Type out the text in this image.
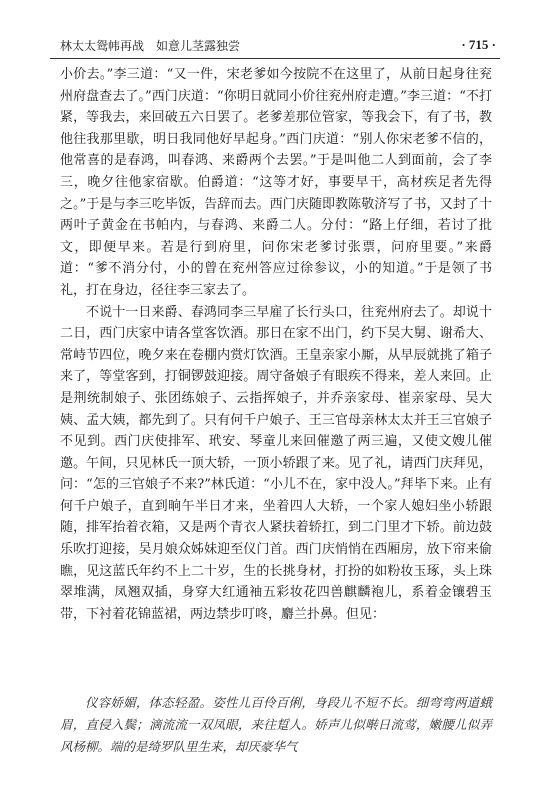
林太太鸳帏再战　如意儿茎露独尝	· 715 ·

小价去。”李三道：“又一件，宋老爹如今按院不在这里了，从前日起身往兖州府盘查去了。”西门庆道：“你明日就同小价往兖州府走遭。”李三道：“不打紧，等我去，来回破五六日罢了。老爹差那位管家，等我会下，有了书，教他往我那里歇，明日我同他好早起身。”西门庆道：“别人你宋老爹不信的，他常喜的是春鸿，叫春鸿、来爵两个去罢。”于是叫他二人到面前，会了李三，晚夕往他家宿歇。伯爵道：“这等才好，事要早干，高材疾足者先得之。”于是与李三吃毕饭，告辞而去。西门庆随即教陈敬济写了书，又封了十两叶子黄金在书帕内，与春鸿、来爵二人。分付：“路上仔细，若讨了批文，即便早来。若是行到府里，问你宋老爹讨张票，问府里要。”来爵道：“爹不消分付，小的曾在兖州答应过徐参议，小的知道。”于是领了书礼，打在身边，径往李三家去了。

不说十一日来爵、春鸿同李三早雇了长行头口，往兖州府去了。却说十二日，西门庆家中请各堂客饮酒。那日在家不出门，约下吴大舅、谢希大、常峙节四位，晚夕来在卷棚内赏灯饮酒。王皇亲家小厮，从早辰就挑了箱子来了，等堂客到，打铜锣鼓迎接。周守备娘子有眼疾不得来，差人来回。止是荆统制娘子、张团练娘子、云指挥娘子，并乔亲家母、崔亲家母、吴大姨、孟大姨，都先到了。只有何千户娘子、王三官母亲林太太并王三官娘子不见到。西门庆使排军、玳安、琴童儿来回催邀了两三遍，又使文嫂儿催邀。午间，只见林氏一顶大轿，一顶小轿跟了来。见了礼，请西门庆拜见，问：“怎的三官娘子不来?”林氏道：“小儿不在，家中没人。”拜毕下来。止有何千户娘子，直到晌午半日才来，坐着四人大轿，一个家人媳妇坐小轿跟随，排军抬着衣箱，又是两个青衣人紧扶着轿扛，到二门里才下轿。前边鼓乐吹打迎接，吴月娘众姊妹迎至仪门首。西门庆悄悄在西厢房，放下帘来偷瞧，见这蓝氏年约不上二十岁，生的长挑身材，打扮的如粉妆玉琢，头上珠翠堆满，凤翘双插，身穿大红通袖五彩妆花四兽麒麟袍儿，系着金镶碧玉带，下衬着花锦蓝裙，两边禁步叮咚，麝兰扑鼻。但见：

仪容娇媚，体态轻盈。姿性儿百伶百俐，身段儿不短不长。细弯弯两道蛾眉，直侵入鬓；滴流流一双凤眼，来往踅人。娇声儿似啭日流莺，嫩腰儿似弄风杨柳。端的是绮罗队里生来，却厌豪华气
